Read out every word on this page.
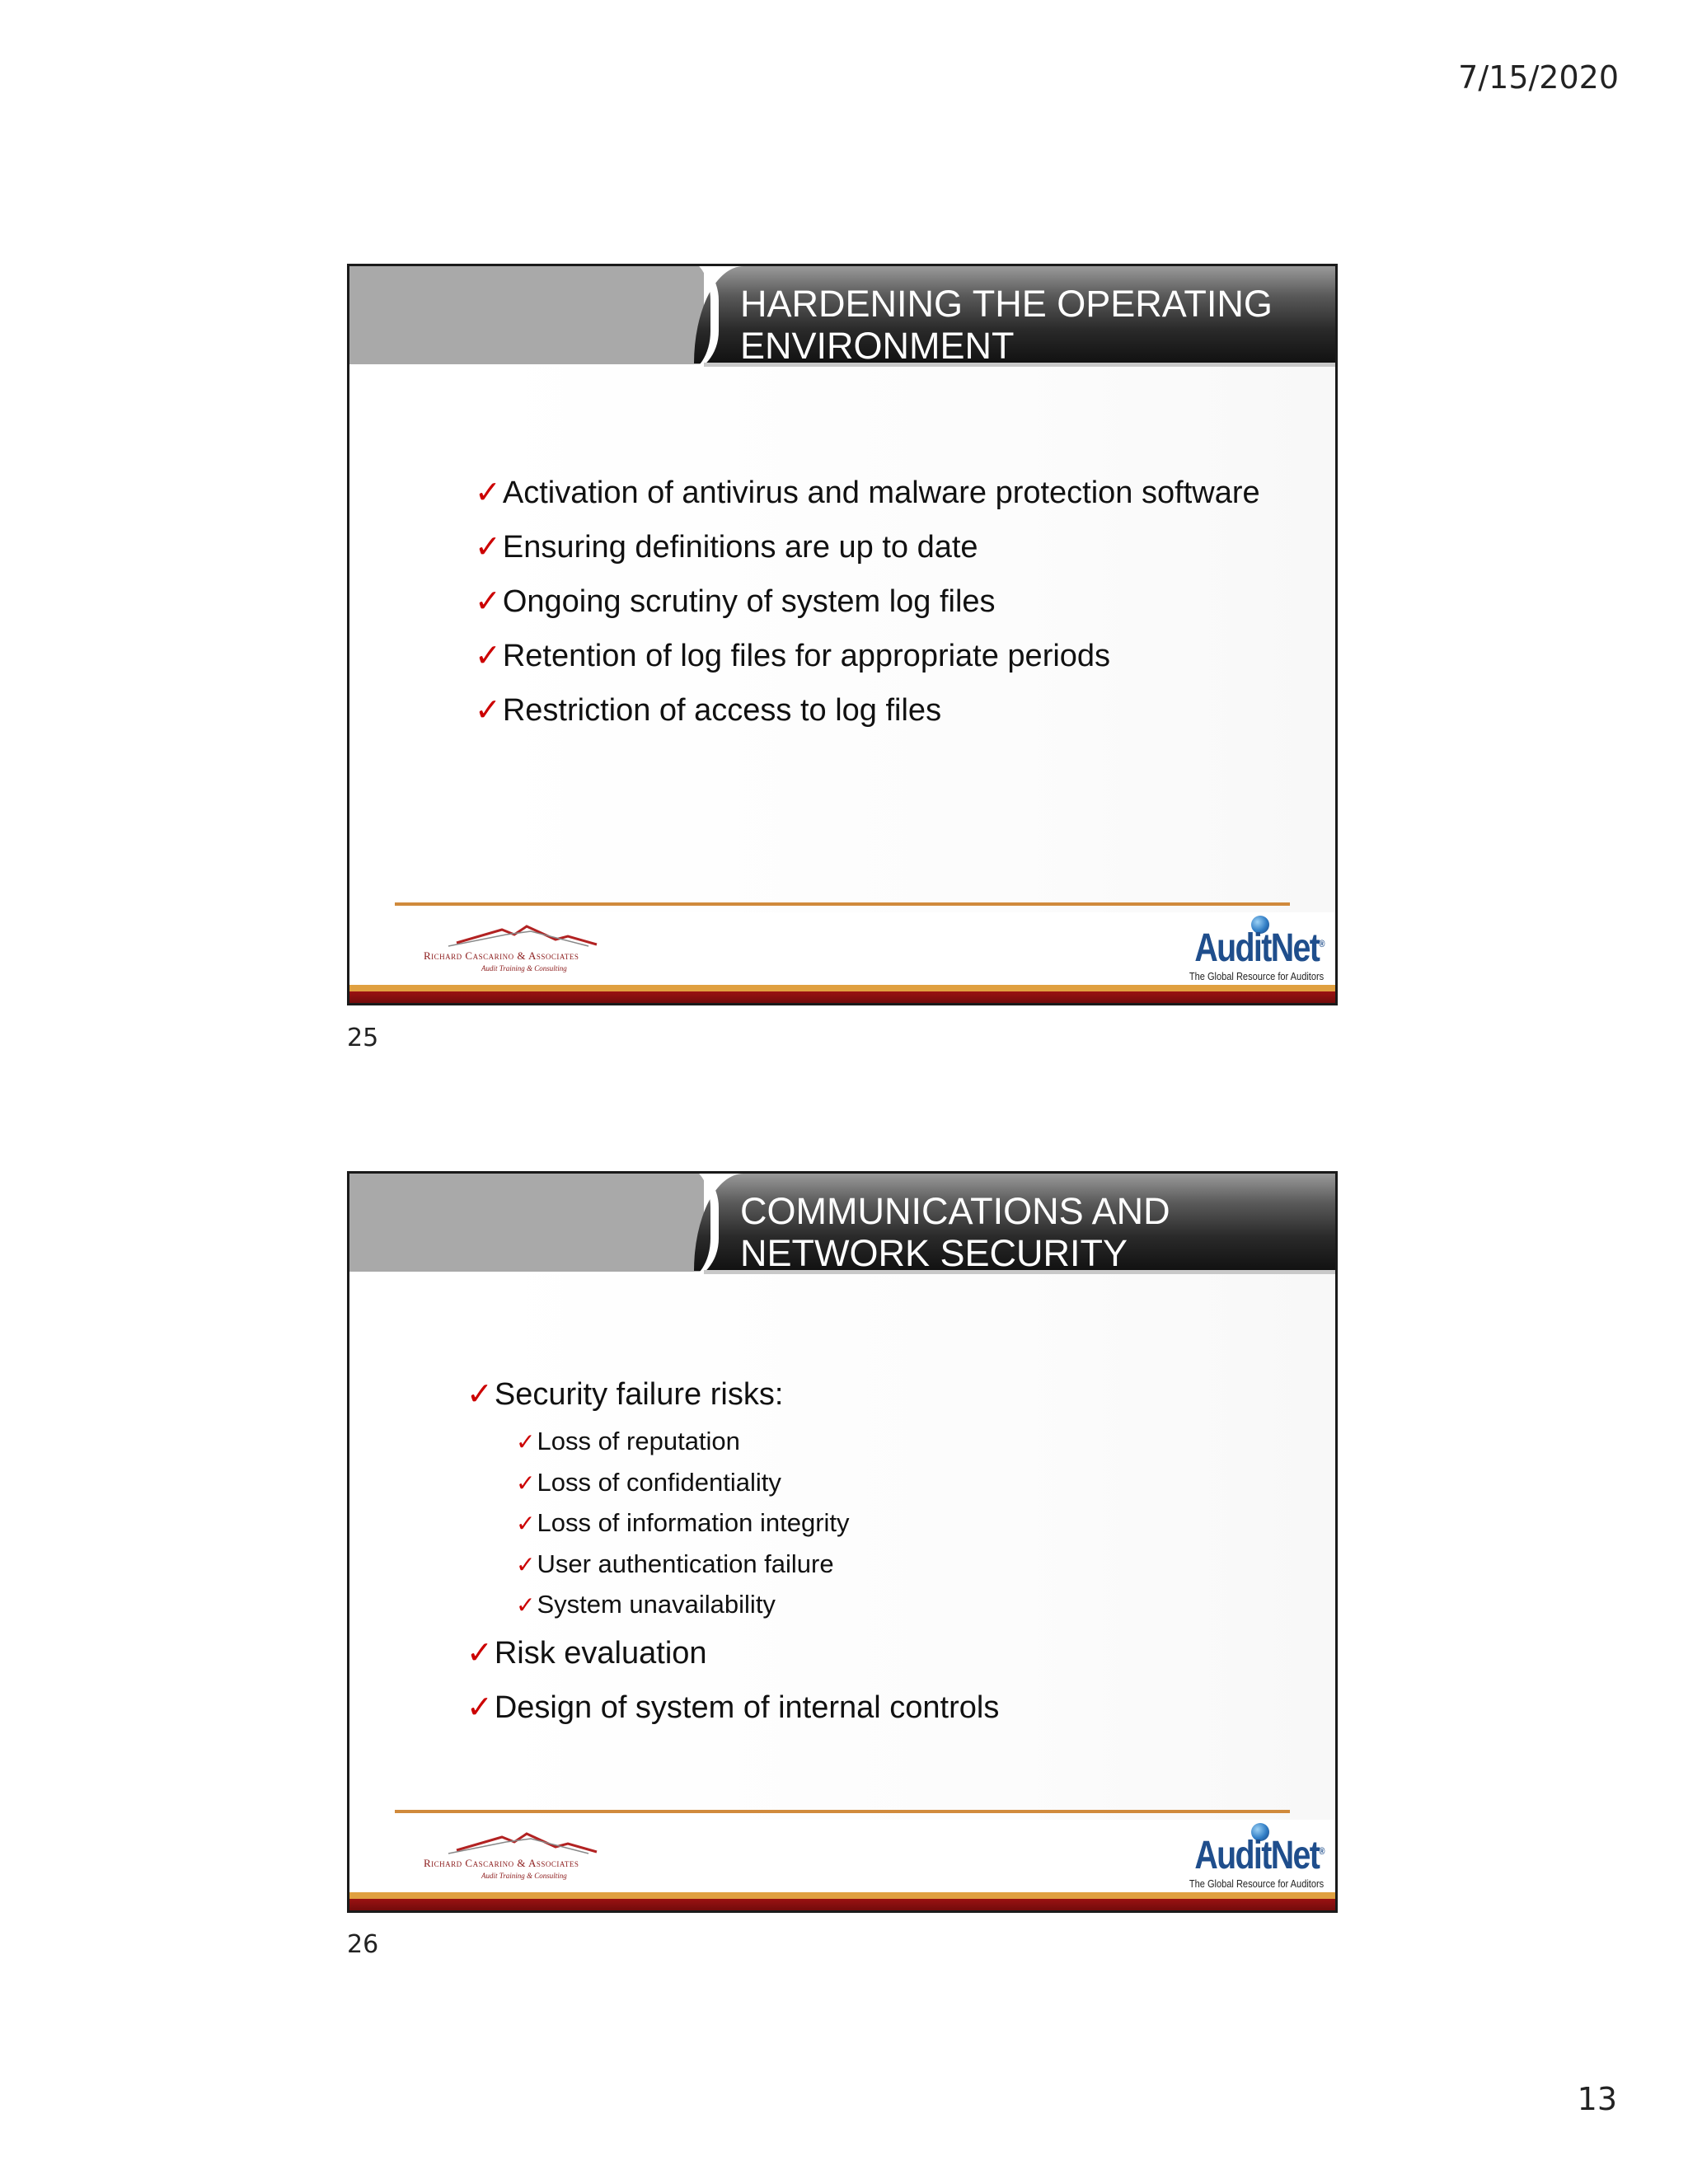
7/15/2020
HARDENING THE OPERATING ENVIRONMENT
✓Activation of antivirus and malware protection software
✓Ensuring definitions are up to date
✓Ongoing scrutiny of system log files
✓Retention of log files for appropriate periods
✓Restriction of access to log files
Richard Cascarino & Associates
Audit Training & Consulting	AuditNet®
The Global Resource for Auditors
25
COMMUNICATIONS AND NETWORK SECURITY
✓Security failure risks:
✓Loss of reputation
✓Loss of confidentiality
✓Loss of information integrity
✓User authentication failure
✓System unavailability
✓Risk evaluation
✓Design of system of internal controls
Richard Cascarino & Associates
Audit Training & Consulting	AuditNet®
The Global Resource for Auditors
26
13
